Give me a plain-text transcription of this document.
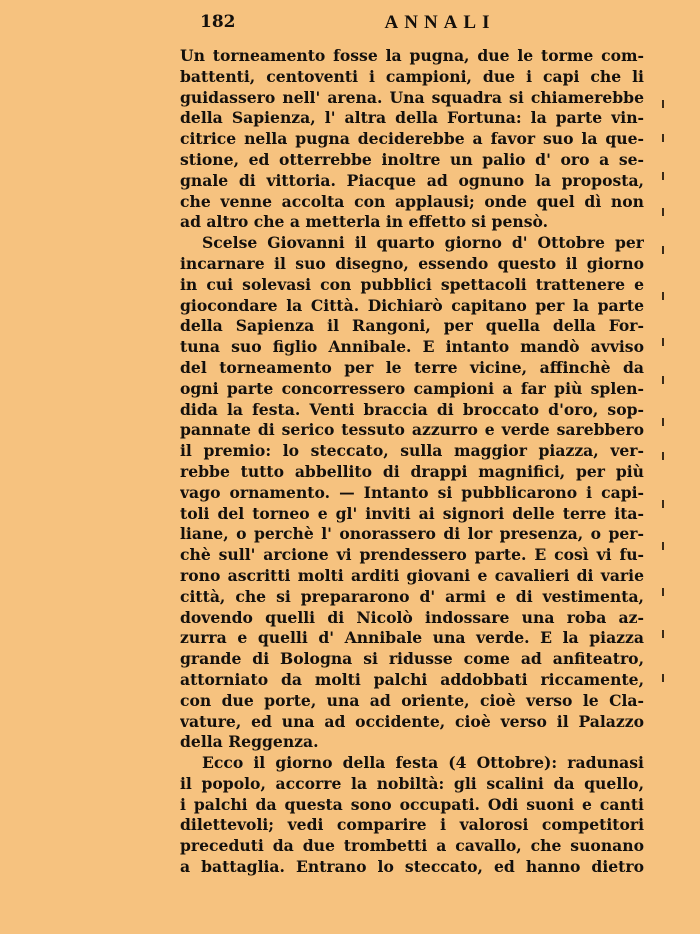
182	ANNALI
Un torneamento fosse la pugna, due le torme com-
battenti, centoventi i campioni, due i capi che li
guidassero nell' arena. Una squadra si chiamerebbe
della Sapienza, l' altra della Fortuna: la parte vin-
citrice nella pugna deciderebbe a favor suo la que-
stione, ed otterrebbe inoltre un palio d' oro a se-
gnale di vittoria. Piacque ad ognuno la proposta,
che venne accolta con applausi; onde quel dì non
ad altro che a metterla in effetto si pensò.
Scelse Giovanni il quarto giorno d' Ottobre per
incarnare il suo disegno, essendo questo il giorno
in cui solevasi con pubblici spettacoli trattenere e
giocondare la Città. Dichiarò capitano per la parte
della Sapienza il Rangoni, per quella della For-
tuna suo figlio Annibale. E intanto mandò avviso
del torneamento per le terre vicine, affinchè da
ogni parte concorressero campioni a far più splen-
dida la festa. Venti braccia di broccato d'oro, sop-
pannate di serico tessuto azzurro e verde sarebbero
il premio: lo steccato, sulla maggior piazza, ver-
rebbe tutto abbellito di drappi magnifici, per più
vago ornamento. — Intanto si pubblicarono i capi-
toli del torneo e gl' inviti ai signori delle terre ita-
liane, o perchè l' onorassero di lor presenza, o per-
chè sull' arcione vi prendessero parte. E così vi fu-
rono ascritti molti arditi giovani e cavalieri di varie
città, che si prepararono d' armi e di vestimenta,
dovendo quelli di Nicolò indossare una roba az-
zurra e quelli d' Annibale una verde. E la piazza
grande di Bologna si ridusse come ad anfiteatro,
attorniato da molti palchi addobbati riccamente,
con due porte, una ad oriente, cioè verso le Cla-
vature, ed una ad occidente, cioè verso il Palazzo
della Reggenza.
Ecco il giorno della festa (4 Ottobre): radunasi
il popolo, accorre la nobiltà: gli scalini da quello,
i palchi da questa sono occupati. Odi suoni e canti
dilettevoli; vedi comparire i valorosi competitori
preceduti da due trombetti a cavallo, che suonano
a battaglia. Entrano lo steccato, ed hanno dietro
